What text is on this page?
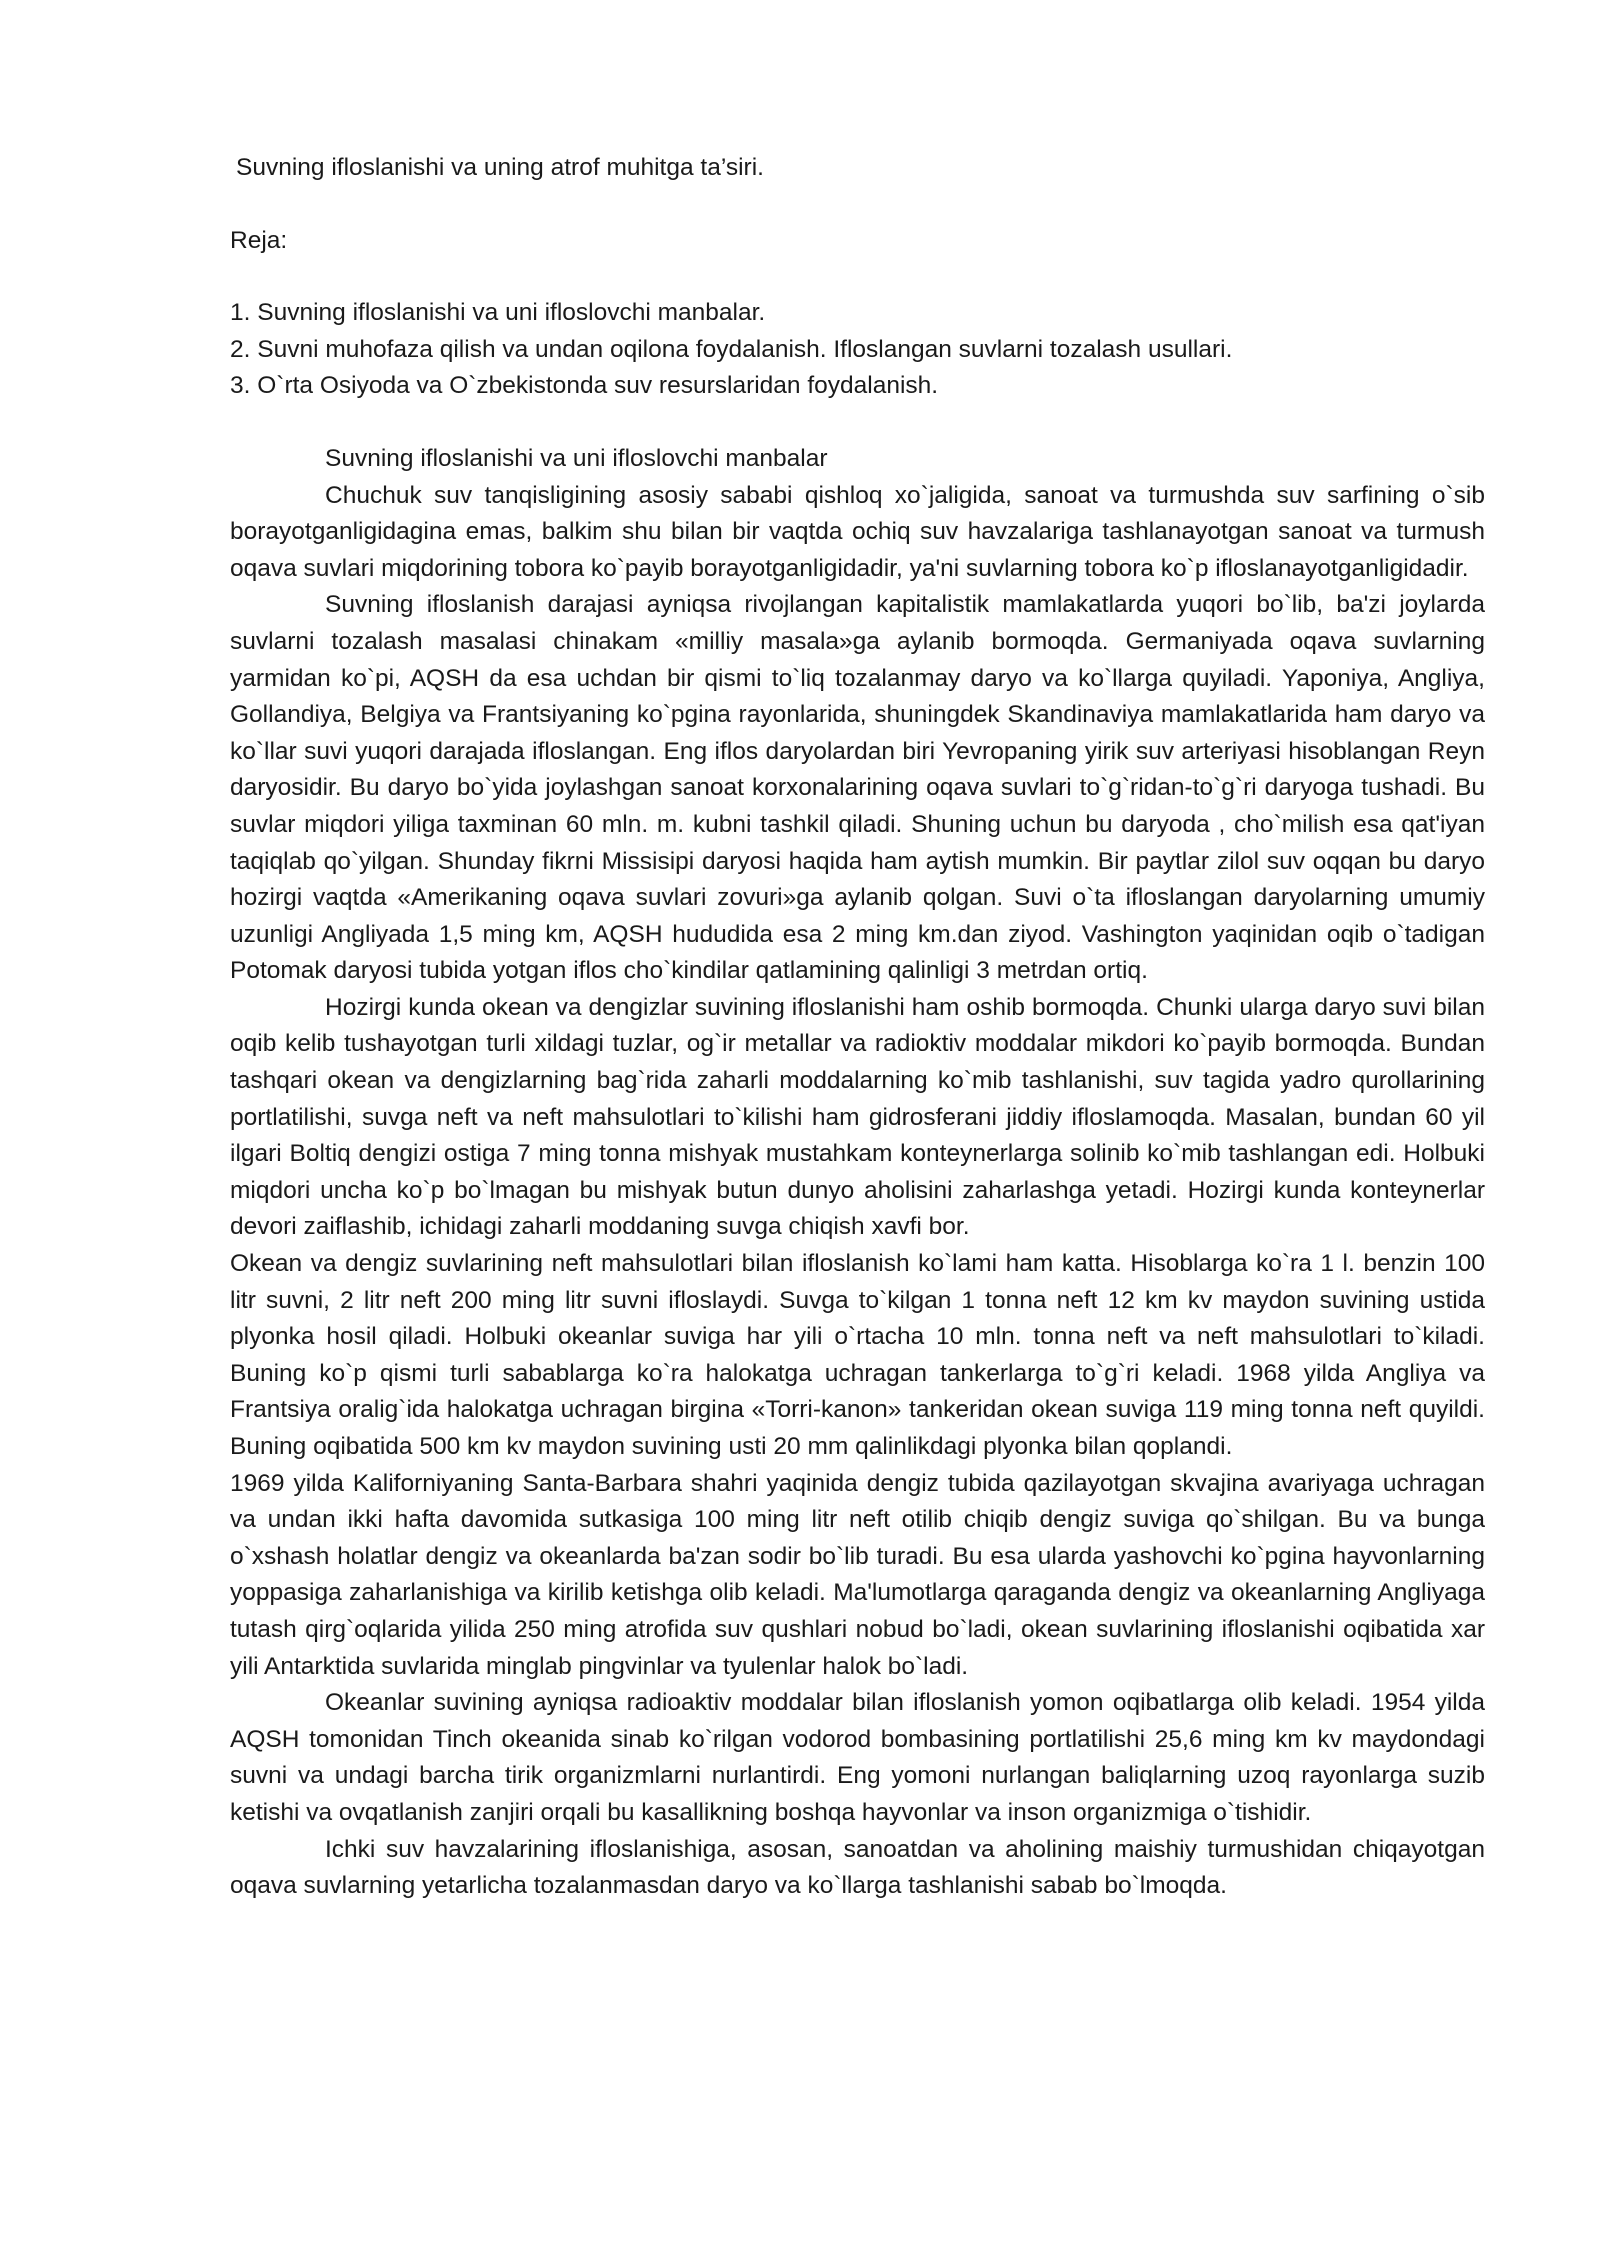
Suvning ifloslanishi va uning atrof muhitga ta’siri.

Reja:

1. Suvning ifloslanishi va uni ifloslovchi manbalar.
2. Suvni muhofaza qilish va undan oqilona foydalanish. Ifloslangan suvlarni tozalash usullari.
3. O`rta Osiyoda va O`zbekistonda suv resurslaridan foydalanish.

Suvning ifloslanishi va uni ifloslovchi manbalar

Chuchuk suv tanqisligining asosiy sababi qishloq xo`jaligida, sanoat va turmushda suv sarfining o`sib borayotganligidagina emas, balkim shu bilan bir vaqtda ochiq suv havzalariga tashlanayotgan sanoat va turmush oqava suvlari miqdorining tobora ko`payib borayotganligidadir, ya'ni suvlarning tobora ko`p ifloslanayotganligidadir.

Suvning ifloslanish darajasi ayniqsa rivojlangan kapitalistik mamlakatlarda yuqori bo`lib, ba'zi joylarda suvlarni tozalash masalasi chinakam «milliy masala»ga aylanib bormoqda. Germaniyada oqava suvlarning yarmidan ko`pi, AQSH da esa uchdan bir qismi to`liq tozalanmay daryo va ko`llarga quyiladi. Yaponiya, Angliya, Gollandiya, Belgiya va Frantsiyaning ko`pgina rayonlarida, shuningdek Skandinaviya mamlakatlarida ham daryo va ko`llar suvi yuqori darajada ifloslangan. Eng iflos daryolardan biri Yevropaning yirik suv arteriyasi hisoblangan Reyn daryosidir. Bu daryo bo`yida joylashgan sanoat korxonalarining oqava suvlari to`g`ridan-to`g`ri daryoga tushadi. Bu suvlar miqdori yiliga taxminan 60 mln. m. kubni tashkil qiladi. Shuning uchun bu daryoda , cho`milish esa qat'iyan taqiqlab qo`yilgan. Shunday fikrni Missisipi daryosi haqida ham aytish mumkin. Bir paytlar zilol suv oqqan bu daryo hozirgi vaqtda «Amerikaning oqava suvlari zovuri»ga aylanib qolgan. Suvi o`ta ifloslangan daryolarning umumiy uzunligi Angliyada 1,5 ming km, AQSH hududida esa 2 ming km.dan ziyod. Vashington yaqinidan oqib o`tadigan Potomak daryosi tubida yotgan iflos cho`kindilar qatlamining qalinligi 3 metrdan ortiq.

Hozirgi kunda okean va dengizlar suvining ifloslanishi ham oshib bormoqda. Chunki ularga daryo suvi bilan oqib kelib tushayotgan turli xildagi tuzlar, og`ir metallar va radioktiv moddalar mikdori ko`payib bormoqda. Bundan tashqari okean va dengizlarning bag`rida zaharli moddalarning ko`mib tashlanishi, suv tagida yadro qurollarining portlatilishi, suvga neft va neft mahsulotlari to`kilishi ham gidrosferani jiddiy ifloslamoqda. Masalan, bundan 60 yil ilgari Boltiq dengizi ostiga 7 ming tonna mishyak mustahkam konteynerlarga solinib ko`mib tashlangan edi. Holbuki miqdori uncha ko`p bo`lmagan bu mishyak butun dunyo aholisini zaharlashga yetadi. Hozirgi kunda konteynerlar devori zaiflashib, ichidagi zaharli moddaning suvga chiqish xavfi bor.

Okean va dengiz suvlarining neft mahsulotlari bilan ifloslanish ko`lami ham katta. Hisoblarga ko`ra 1 l. benzin 100 litr suvni, 2 litr neft 200 ming litr suvni ifloslaydi. Suvga to`kilgan 1 tonna neft 12 km kv maydon suvining ustida plyonka hosil qiladi. Holbuki okeanlar suviga har yili o`rtacha 10 mln. tonna neft va neft mahsulotlari to`kiladi. Buning ko`p qismi turli sabablarga ko`ra halokatga uchragan tankerlarga to`g`ri keladi. 1968 yilda Angliya va Frantsiya oralig`ida halokatga uchragan birgina «Torri-kanon» tankeridan okean suviga 119 ming tonna neft quyildi. Buning oqibatida 500 km kv maydon suvining usti 20 mm qalinlikdagi plyonka bilan qoplandi.

1969 yilda Kaliforniyaning Santa-Barbara shahri yaqinida dengiz tubida qazilayotgan skvajina avariyaga uchragan va undan ikki hafta davomida sutkasiga 100 ming litr neft otilib chiqib dengiz suviga qo`shilgan. Bu va bunga o`xshash holatlar dengiz va okeanlarda ba'zan sodir bo`lib turadi. Bu esa ularda yashovchi ko`pgina hayvonlarning yoppasiga zaharlanishiga va kirilib ketishga olib keladi. Ma'lumotlarga qaraganda dengiz va okeanlarning Angliyaga tutash qirg`oqlarida yilida 250 ming atrofida suv qushlari nobud bo`ladi, okean suvlarining ifloslanishi oqibatida xar yili Antarktida suvlarida minglab pingvinlar va tyulenlar halok bo`ladi.

Okeanlar suvining ayniqsa radioaktiv moddalar bilan ifloslanish yomon oqibatlarga olib keladi. 1954 yilda AQSH tomonidan Tinch okeanida sinab ko`rilgan vodorod bombasining portlatilishi 25,6 ming km kv maydondagi suvni va undagi barcha tirik organizmlarni nurlantirdi. Eng yomoni nurlangan baliqlarning uzoq rayonlarga suzib ketishi va ovqatlanish zanjiri orqali bu kasallikning boshqa hayvonlar va inson organizmiga o`tishidir.

Ichki suv havzalarining ifloslanishiga, asosan, sanoatdan va aholining maishiy turmushidan chiqayotgan oqava suvlarning yetarlicha tozalanmasdan daryo va ko`llarga tashlanishi sabab bo`lmoqda.
